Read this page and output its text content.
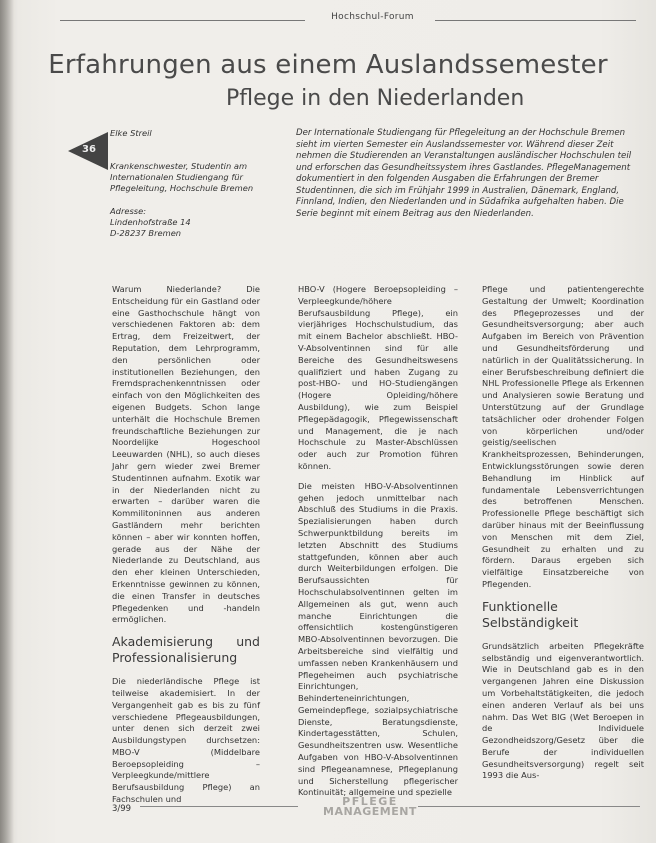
Hochschul-Forum
Erfahrungen aus einem Auslandssemester
Pflege in den Niederlanden
36
Elke Streil
Krankenschwester, Studentin am Internationalen Studiengang für Pflegeleitung, Hochschule Bremen
Adresse:
Lindenhofstraße 14
D-28237 Bremen
Der Internationale Studiengang für Pflegeleitung an der Hochschule Bremen sieht im vierten Semester ein Auslandssemester vor. Während dieser Zeit nehmen die Studierenden an Veranstaltungen ausländischer Hochschulen teil und erforschen das Gesundheitssystem ihres Gastlandes. PflegeManagement dokumentiert in den folgenden Ausgaben die Erfahrungen der Bremer Studentinnen, die sich im Frühjahr 1999 in Australien, Dänemark, England, Finnland, Indien, den Niederlanden und in Südafrika aufgehalten haben. Die Serie beginnt mit einem Beitrag aus den Niederlanden.

Warum Niederlande? Die Entscheidung für ein Gastland oder eine Gasthochschule hängt von verschiedenen Faktoren ab: dem Ertrag, dem Freizeitwert, der Reputation, dem Lehrprogramm, den persönlichen oder institutionellen Beziehungen, den Fremdsprachenkenntnissen oder einfach von den Möglichkeiten des eigenen Budgets. Schon lange unterhält die Hochschule Bremen freundschaftliche Beziehungen zur Noordelijke Hogeschool Leeuwarden (NHL), so auch dieses Jahr gern wieder zwei Bremer Studentinnen aufnahm. Exotik war in der Niederlanden nicht zu erwarten – darüber waren die Kommilitoninnen aus anderen Gastländern mehr berichten können – aber wir konnten hoffen, gerade aus der Nähe der Niederlande zu Deutschland, aus den eher kleinen Unterschieden, Erkenntnisse gewinnen zu können, die einen Transfer in deutsches Pflegedenken und -handeln ermöglichen.

Akademisierung und Professionalisierung

Die niederländische Pflege ist teilweise akademisiert. In der Vergangenheit gab es bis zu fünf verschiedene Pflegeausbildungen, unter denen sich derzeit zwei Ausbildungstypen durchsetzen: MBO-V (Middelbare Beroepsopleiding – Verpleegkunde/mittlere Berufsausbildung Pflege) an Fachschulen und

HBO-V (Hogere Beroepsopleiding – Verpleegkunde/höhere Berufsausbildung Pflege), ein vierjähriges Hochschulstudium, das mit einem Bachelor abschließt. HBO-V-Absolventinnen sind für alle Bereiche des Gesundheitswesens qualifiziert und haben Zugang zu post-HBO- und HO-Studiengängen (Hogere Opleiding/höhere Ausbildung), wie zum Beispiel Pflegepädagogik, Pflegewissenschaft und Management, die je nach Hochschule zu Master-Abschlüssen oder auch zur Promotion führen können.

Die meisten HBO-V-Absolventinnen gehen jedoch unmittelbar nach Abschluß des Studiums in die Praxis. Spezialisierungen haben durch Schwerpunktbildung bereits im letzten Abschnitt des Studiums stattgefunden, können aber auch durch Weiterbildungen erfolgen. Die Berufsaussichten für Hochschulabsolventinnen gelten im Allgemeinen als gut, wenn auch manche Einrichtungen die offensichtlich kostengünstigeren MBO-Absolventinnen bevorzugen. Die Arbeitsbereiche sind vielfältig und umfassen neben Krankenhäusern und Pflegeheimen auch psychiatrische Einrichtungen, Behinderteneinrichtungen, Gemeindepflege, sozialpsychiatrische Dienste, Beratungsdienste, Kindertagesstätten, Schulen, Gesundheitszentren usw. Wesentliche Aufgaben von HBO-V-Absolventinnen sind Pflegeanamnese, Pflegeplanung und Sicherstellung pflegerischer Kontinuität; allgemeine und spezielle

Pflege und patientengerechte Gestaltung der Umwelt; Koordination des Pflegeprozesses und der Gesundheitsversorgung; aber auch Aufgaben im Bereich von Prävention und Gesundheitsförderung und natürlich in der Qualitätssicherung. In einer Berufsbeschreibung definiert die NHL Professionelle Pflege als Erkennen und Analysieren sowie Beratung und Unterstützung auf der Grundlage tatsächlicher oder drohender Folgen von körperlichen und/oder geistig/seelischen Krankheitsprozessen, Behinderungen, Entwicklungsstörungen sowie deren Behandlung im Hinblick auf fundamentale Lebensverrichtungen des betroffenen Menschen. Professionelle Pflege beschäftigt sich darüber hinaus mit der Beeinflussung von Menschen mit dem Ziel, Gesundheit zu erhalten und zu fördern. Daraus ergeben sich vielfältige Einsatzbereiche von Pflegenden.

Funktionelle Selbständigkeit

Grundsätzlich arbeiten Pflegekräfte selbständig und eigenverantwortlich. Wie in Deutschland gab es in den vergangenen Jahren eine Diskussion um Vorbehaltstätigkeiten, die jedoch einen anderen Verlauf als bei uns nahm. Das Wet BIG (Wet Beroepen in de Individuele Gezondheidszorg/Gesetz über die Berufe der individuellen Gesundheitsversorgung) regelt seit 1993 die Aus-

3/99
PFLEGE
MANAGEMENT
